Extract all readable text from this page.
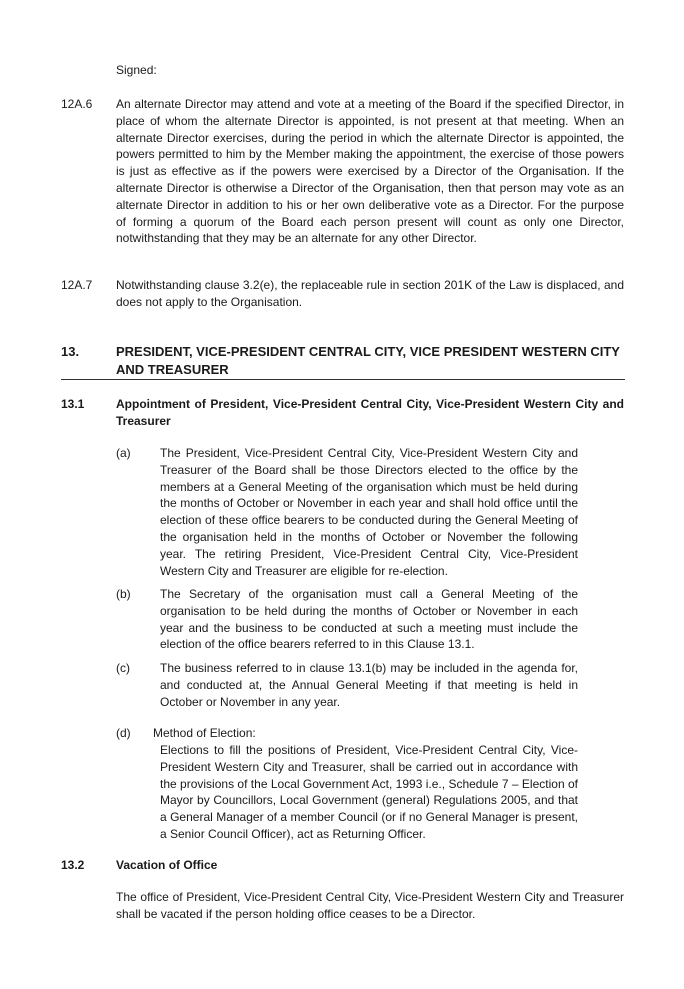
Signed:
12A.6 An alternate Director may attend and vote at a meeting of the Board if the specified Director, in place of whom the alternate Director is appointed, is not present at that meeting. When an alternate Director exercises, during the period in which the alternate Director is appointed, the powers permitted to him by the Member making the appointment, the exercise of those powers is just as effective as if the powers were exercised by a Director of the Organisation. If the alternate Director is otherwise a Director of the Organisation, then that person may vote as an alternate Director in addition to his or her own deliberative vote as a Director. For the purpose of forming a quorum of the Board each person present will count as only one Director, notwithstanding that they may be an alternate for any other Director.
12A.7 Notwithstanding clause 3.2(e), the replaceable rule in section 201K of the Law is displaced, and does not apply to the Organisation.
13.	PRESIDENT, VICE-PRESIDENT CENTRAL CITY, VICE PRESIDENT WESTERN CITY AND TREASURER
13.1	Appointment of President, Vice-President Central City, Vice-President Western City and Treasurer
(a) The President, Vice-President Central City, Vice-President Western City and Treasurer of the Board shall be those Directors elected to the office by the members at a General Meeting of the organisation which must be held during the months of October or November in each year and shall hold office until the election of these office bearers to be conducted during the General Meeting of the organisation held in the months of October or November the following year. The retiring President, Vice-President Central City, Vice-President Western City and Treasurer are eligible for re-election.
(b) The Secretary of the organisation must call a General Meeting of the organisation to be held during the months of October or November in each year and the business to be conducted at such a meeting must include the election of the office bearers referred to in this Clause 13.1.
(c)	The business referred to in clause 13.1(b) may be included in the agenda for, and conducted at, the Annual General Meeting if that meeting is held in October or November in any year.
(d) Method of Election:
Elections to fill the positions of President, Vice-President Central City, Vice-President Western City and Treasurer, shall be carried out in accordance with the provisions of the Local Government Act, 1993 i.e., Schedule 7 – Election of Mayor by Councillors, Local Government (general) Regulations 2005, and that a General Manager of a member Council (or if no General Manager is present, a Senior Council Officer), act as Returning Officer.
13.2	Vacation of Office
The office of President, Vice-President Central City, Vice-President Western City and Treasurer shall be vacated if the person holding office ceases to be a Director.
